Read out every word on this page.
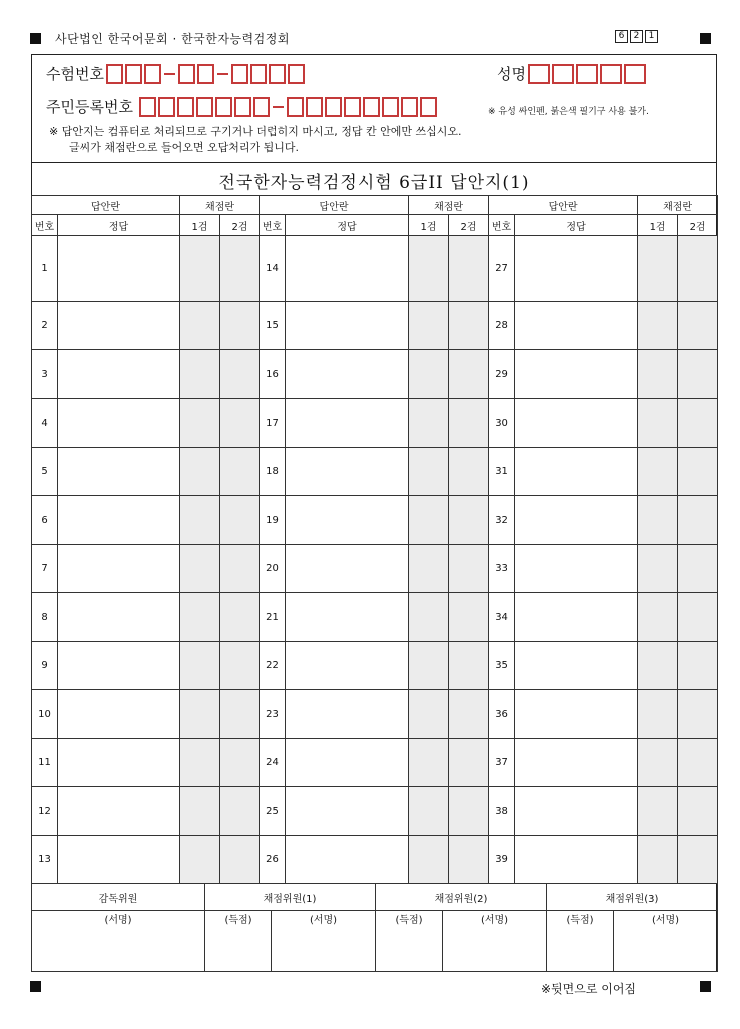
사단법인 한국어문회 · 한국한자능력검정회	6	2	1
수험번호	성명
주민등록번호	※ 유성 싸인펜, 붉은색 필기구 사용 불가.
※ 답안지는 컴퓨터로 처리되므로 구기거나 더럽히지 마시고, 정답 칸 안에만 쓰십시오.
글씨가 채점란으로 들어오면 오답처리가 됩니다.
전국한자능력검정시험 6급II 답안지(1)
답안란		채점란		답안란		채점란		답안란		채점란	
번호	정답	1검	2검	번호	정답	1검	2검	번호	정답	1검	2검
1				14				27			
2				15				28			
3				16				29			
4				17				30			
5				18				31			
6				19				32			
7				20				33			
8				21				34			
9				22				35			
10				23				36			
11				24				37			
12				25				38			
13				26				39			
감독위원	채점위원(1)		채점위원(2)		채점위원(3)	
(서명)	(득점)	(서명)	(득점)	(서명)	(득점)	(서명)
※뒷면으로 이어짐
